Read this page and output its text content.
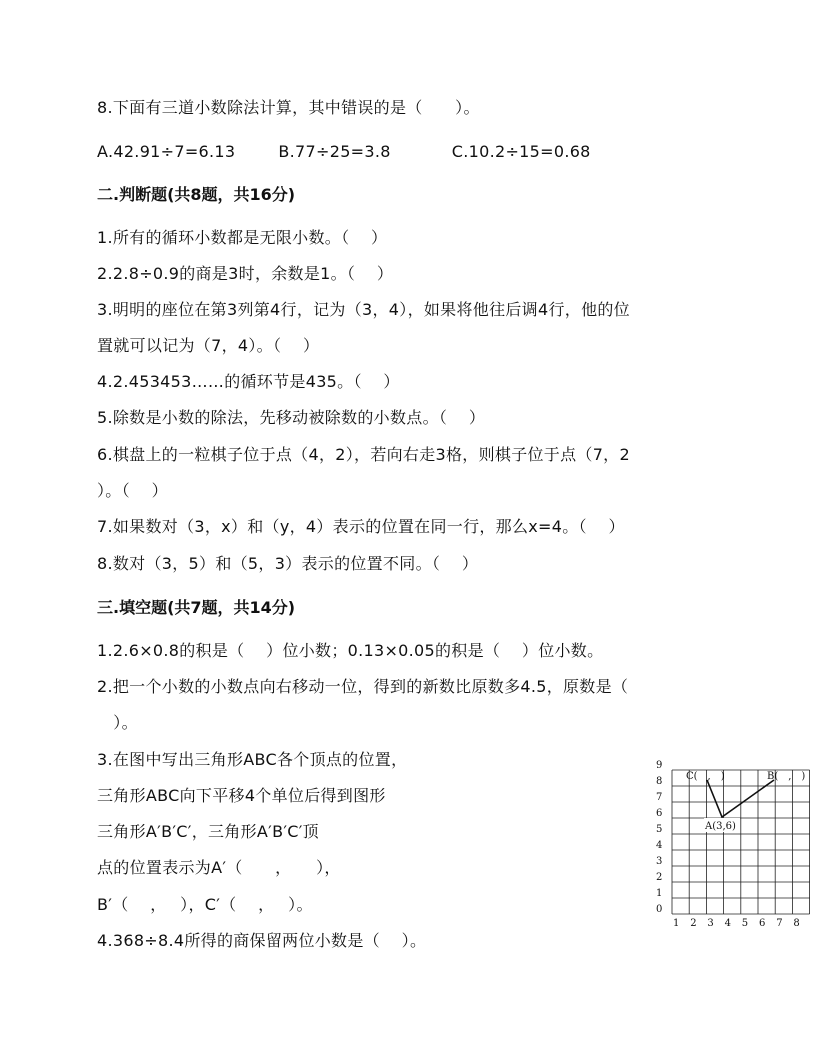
8.下面有三道小数除法计算，其中错误的是（　　）。
A.42.91÷7=6.13	B.77÷25=3.8	C.10.2÷15=0.68
二.判断题(共8题，共16分)
1.所有的循环小数都是无限小数。（　 ）
2.2.8÷0.9的商是3时，余数是1。（　 ）
3.明明的座位在第3列第4行，记为（3，4），如果将他往后调4行，他的位
置就可以记为（7，4）。（　 ）
4.2.453453……的循环节是435。（　 ）
5.除数是小数的除法，先移动被除数的小数点。（　 ）
6.棋盘上的一粒棋子位于点（4，2），若向右走3格，则棋子位于点（7，2
）。（　 ）
7.如果数对（3，x）和（y，4）表示的位置在同一行，那么x=4。（　 ）
8.数对（3，5）和（5，3）表示的位置不同。（　 ）
三.填空题(共7题，共14分)
1.2.6×0.8的积是（　 ）位小数；0.13×0.05的积是（　 ）位小数。
2.把一个小数的小数点向右移动一位，得到的新数比原数多4.5，原数是（
　）。
3.在图中写出三角形ABC各个顶点的位置，
三角形ABC向下平移4个单位后得到图形
三角形A′B′C′，三角形A′B′C′顶
点的位置表示为A′（　　，　　），
B′（　 ，　 ），C′（　 ，　 ）。
4.368÷8.4所得的商保留两位小数是（　 ）。
0
1
2
3
4
5
6
7
8
9
1 2 3 4 5 6 7 8
C(　,　)	B(　,　)
A(3,6)
